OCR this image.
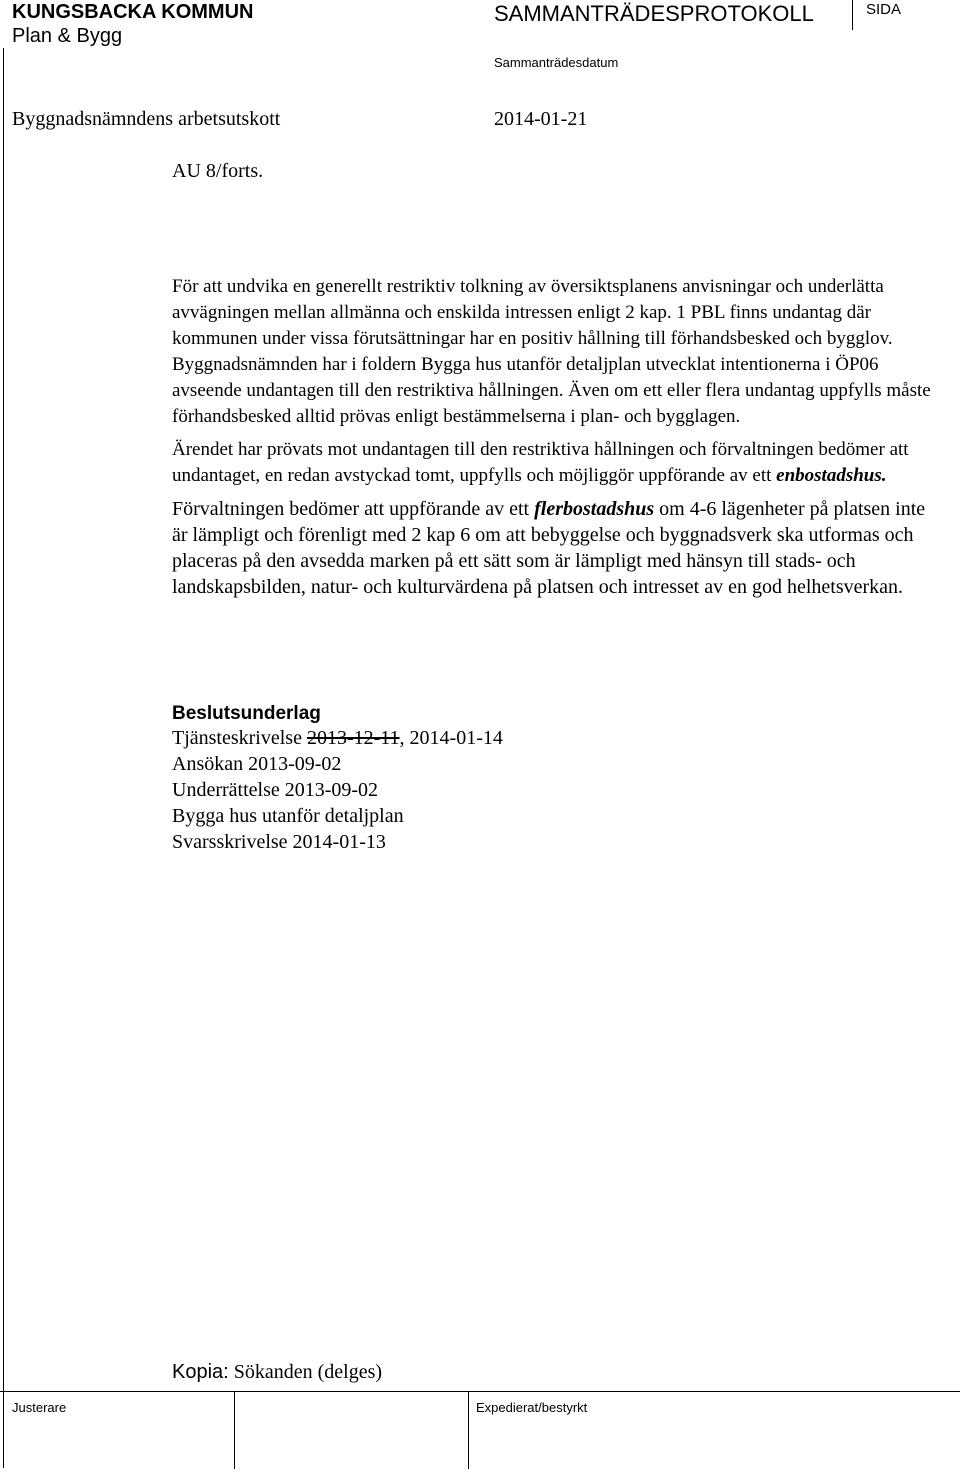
KUNGSBACKA KOMMUN
Plan & Bygg
SAMMANTRÄDESPROTOKOLL	SIDA
Sammanträdesdatum
Byggnadsnämndens arbetsutskott	2014-01-21
AU 8/forts.

För att undvika en generellt restriktiv tolkning av översiktsplanens anvisningar och underlätta avvägningen mellan allmänna och enskilda intressen enligt 2 kap. 1 PBL finns undantag där kommunen under vissa förutsättningar har en positiv hållning till förhandsbesked och bygglov. Byggnadsnämnden har i foldern Bygga hus utanför detaljplan utvecklat intentionerna i ÖP06 avseende undantagen till den restriktiva hållningen. Även om ett eller flera undantag uppfylls måste förhandsbesked alltid prövas enligt bestämmelserna i plan- och bygglagen.

Ärendet har prövats mot undantagen till den restriktiva hållningen och förvaltningen bedömer att undantaget, en redan avstyckad tomt, uppfylls och möjliggör uppförande av ett enbostadshus.

Förvaltningen bedömer att uppförande av ett flerbostadshus om 4-6 lägenheter på platsen inte är lämpligt och förenligt med 2 kap 6 om att bebyggelse och byggnadsverk ska utformas och placeras på den avsedda marken på ett sätt som är lämpligt med hänsyn till stads- och landskapsbilden, natur- och kulturvärdena på platsen och intresset av en god helhetsverkan.

Beslutsunderlag
Tjänsteskrivelse 2013-12-11, 2014-01-14
Ansökan 2013-09-02
Underrättelse 2013-09-02
Bygga hus utanför detaljplan
Svarsskrivelse 2014-01-13
Kopia: Sökanden (delges)
Justerare	Expedierat/bestyrkt
